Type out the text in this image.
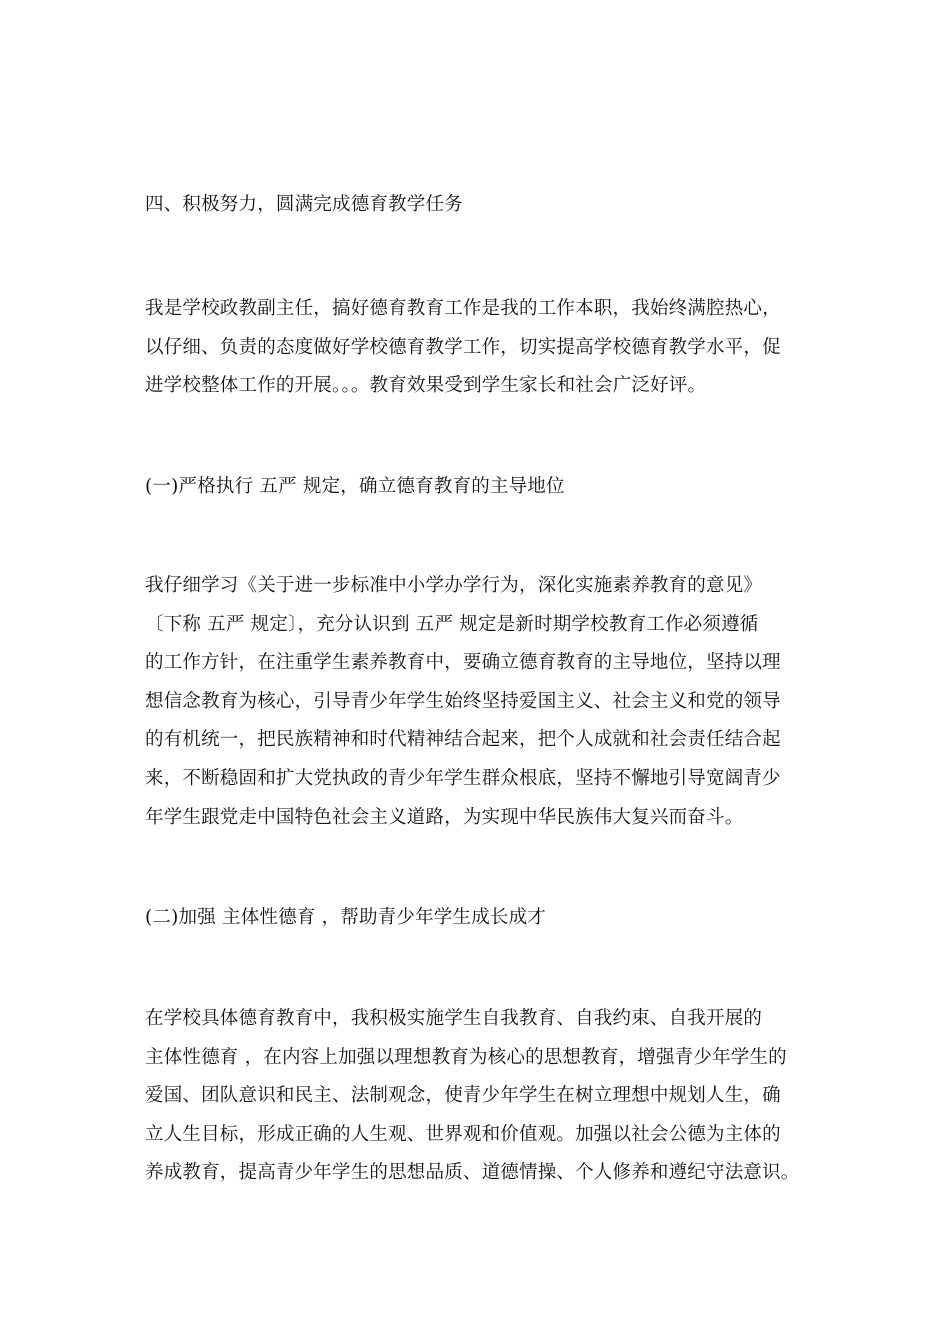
四、积极努力，圆满完成德育教学任务
我是学校政教副主任，搞好德育教育工作是我的工作本职，我始终满腔热心，
以仔细、负责的态度做好学校德育教学工作，切实提高学校德育教学水平，促
进学校整体工作的开展。。。教育效果受到学生家长和社会广泛好评。
(一)严格执行 五严 规定，确立德育教育的主导地位
我仔细学习《关于进一步标准中小学办学行为，深化实施素养教育的意见》
〔下称 五严 规定〕，充分认识到 五严 规定是新时期学校教育工作必须遵循
的工作方针，在注重学生素养教育中，要确立德育教育的主导地位，坚持以理
想信念教育为核心，引导青少年学生始终坚持爱国主义、社会主义和党的领导
的有机统一，把民族精神和时代精神结合起来，把个人成就和社会责任结合起
来，不断稳固和扩大党执政的青少年学生群众根底，坚持不懈地引导宽阔青少
年学生跟党走中国特色社会主义道路，为实现中华民族伟大复兴而奋斗。
(二)加强 主体性德育 ，帮助青少年学生成长成才
在学校具体德育教育中，我积极实施学生自我教育、自我约束、自我开展的
主体性德育 ，在内容上加强以理想教育为核心的思想教育，增强青少年学生的
爱国、团队意识和民主、法制观念，使青少年学生在树立理想中规划人生，确
立人生目标，形成正确的人生观、世界观和价值观。加强以社会公德为主体的
养成教育，提高青少年学生的思想品质、道德情操、个人修养和遵纪守法意识。
